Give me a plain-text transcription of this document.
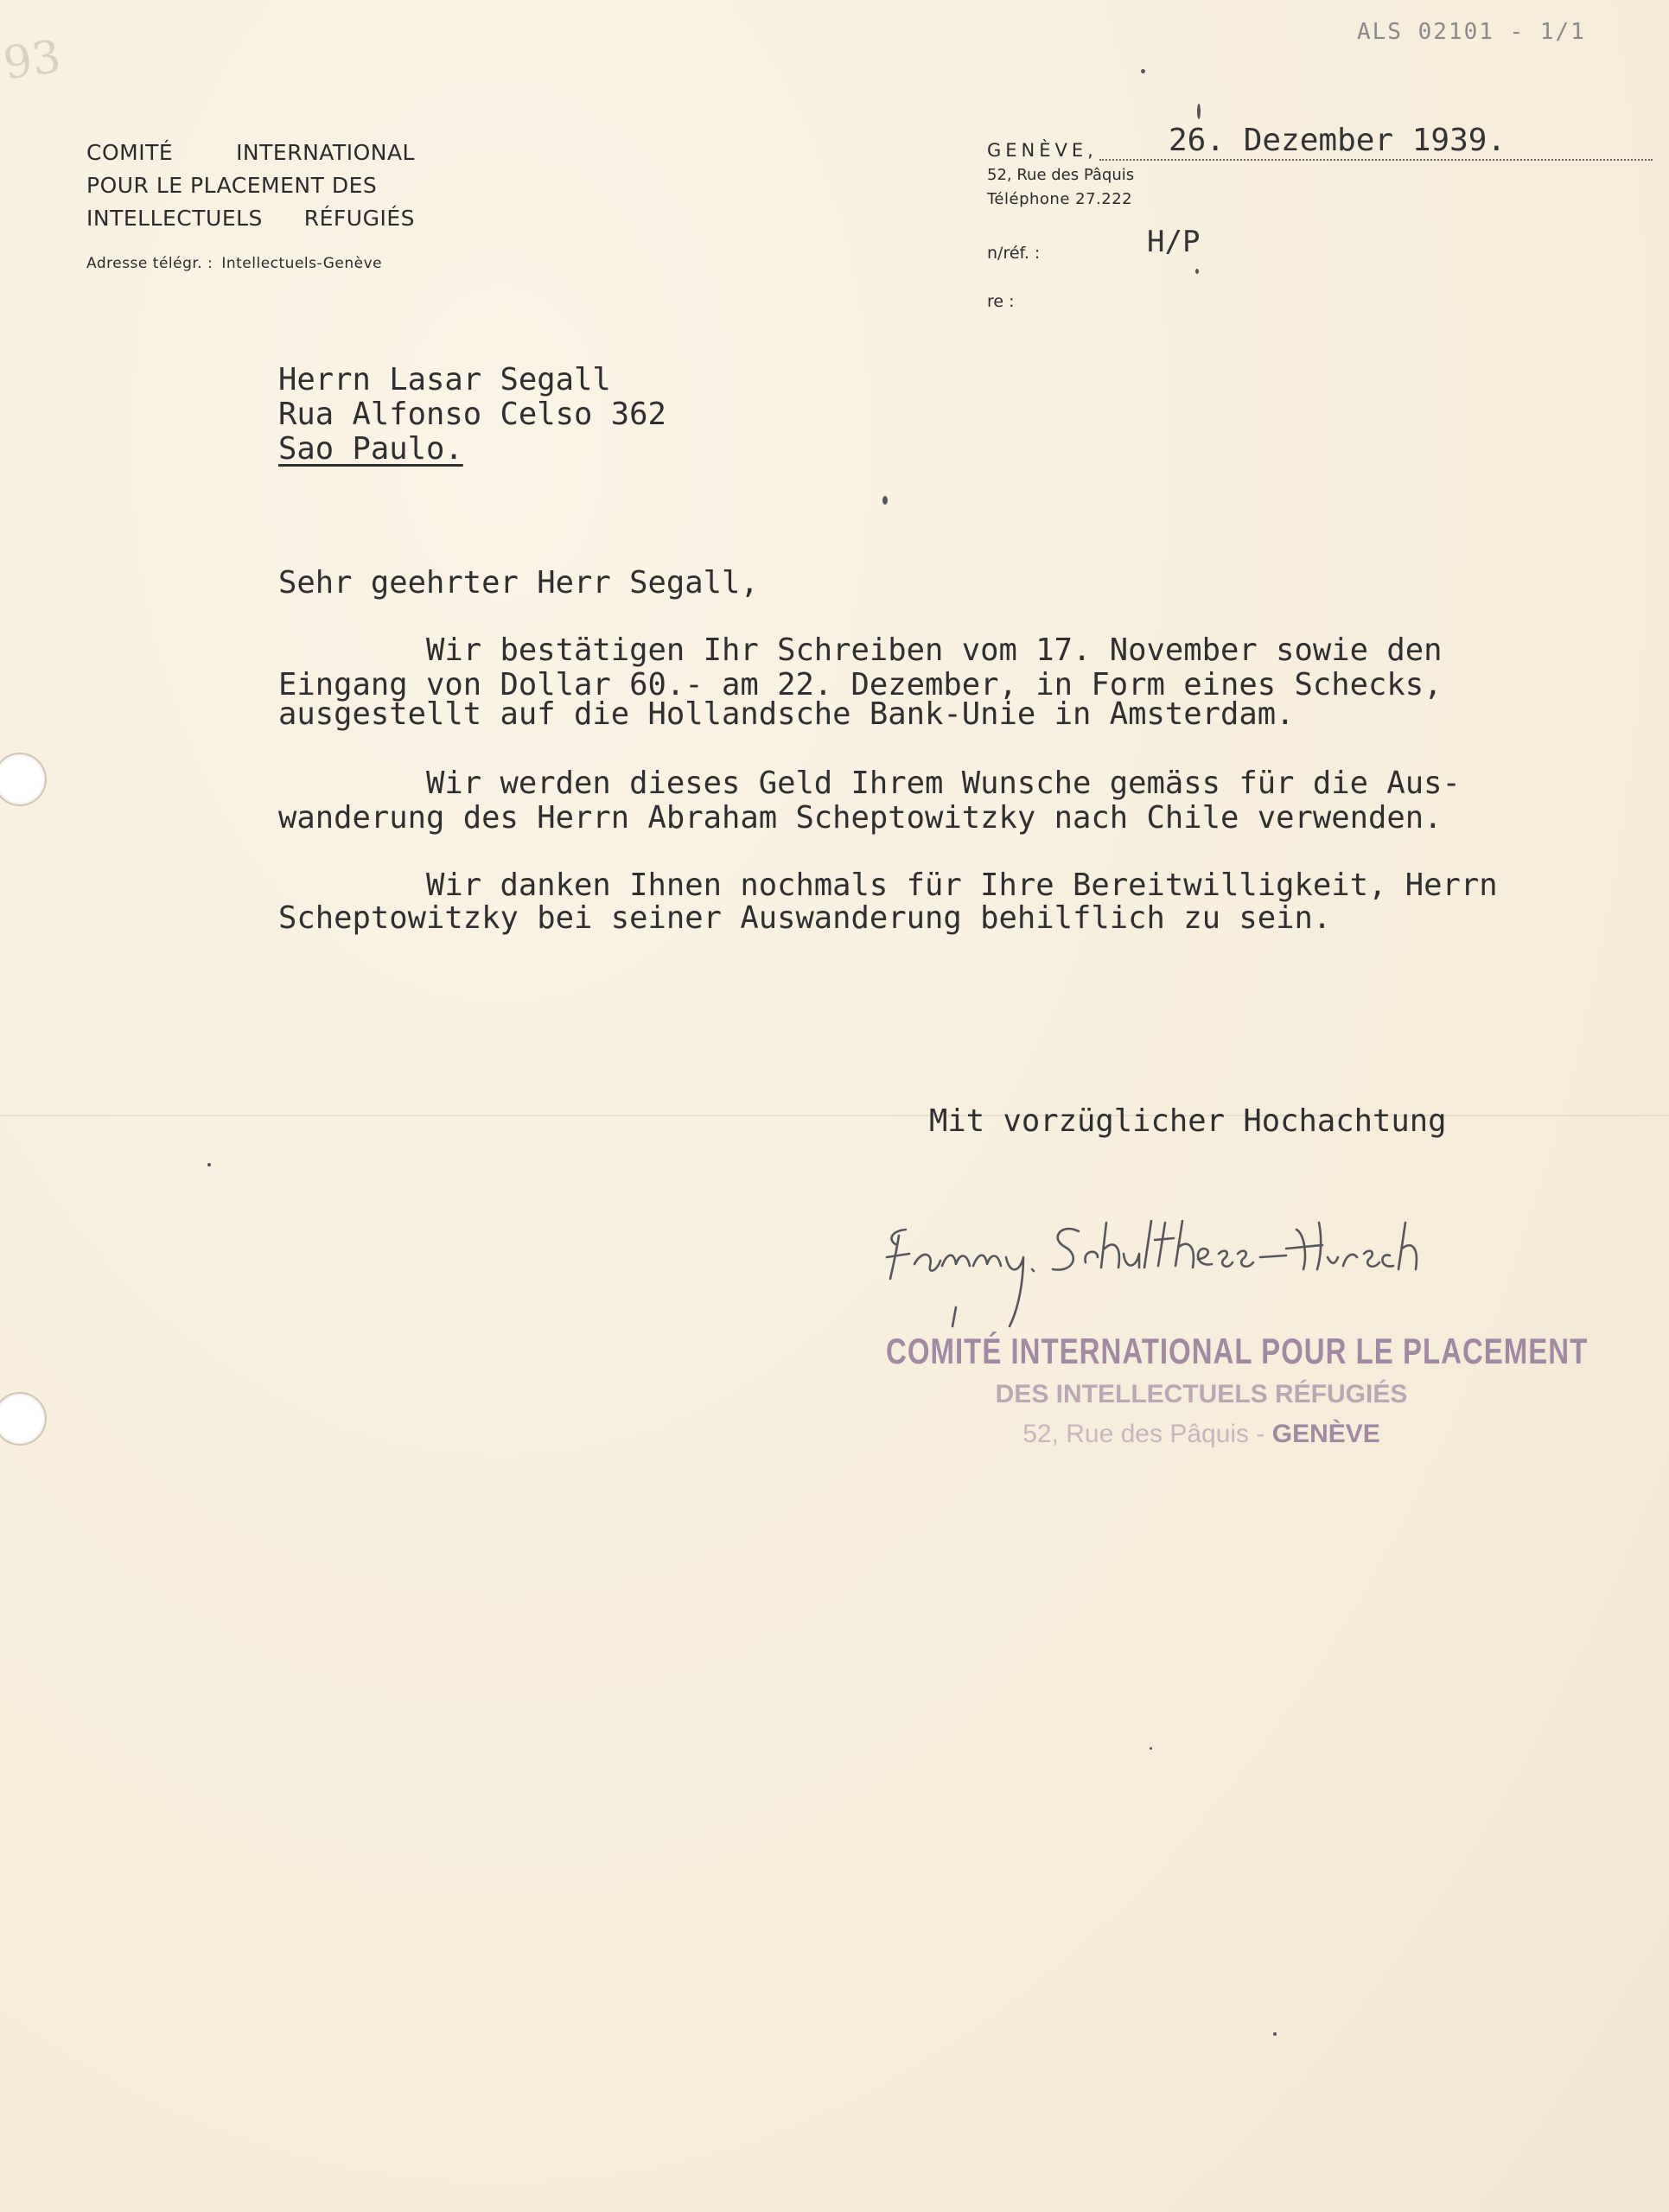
93	ALS 02101 - 1/1
COMITÉ	INTERNATIONAL
POUR LE PLACEMENT DES
INTELLECTUELS RÉFUGIÉS
Adresse télégr. : Intellectuels-Genève
GENÈVE, 26. Dezember 1939.
52, Rue des Pâquis
Téléphone 27.222
n/réf. :	H/P
re :
Herrn Lasar Segall
Rua Alfonso Celso 362
Sao Paulo.
Sehr geehrter Herr Segall,
Wir bestätigen Ihr Schreiben vom 17. November sowie den
Eingang von Dollar 60.- am 22. Dezember, in Form eines Schecks,
ausgestellt auf die Hollandsche Bank-Unie in Amsterdam.
Wir werden dieses Geld Ihrem Wunsche gemäss für die Aus-
wanderung des Herrn Abraham Scheptowitzky nach Chile verwenden.
Wir danken Ihnen nochmals für Ihre Bereitwilligkeit, Herrn
Scheptowitzky bei seiner Auswanderung behilflich zu sein.
Mit vorzüglicher Hochachtung
COMITÉ INTERNATIONAL POUR LE PLACEMENT
DES INTELLECTUELS RÉFUGIÉS
52, Rue des Pâquis - GENÈVE
